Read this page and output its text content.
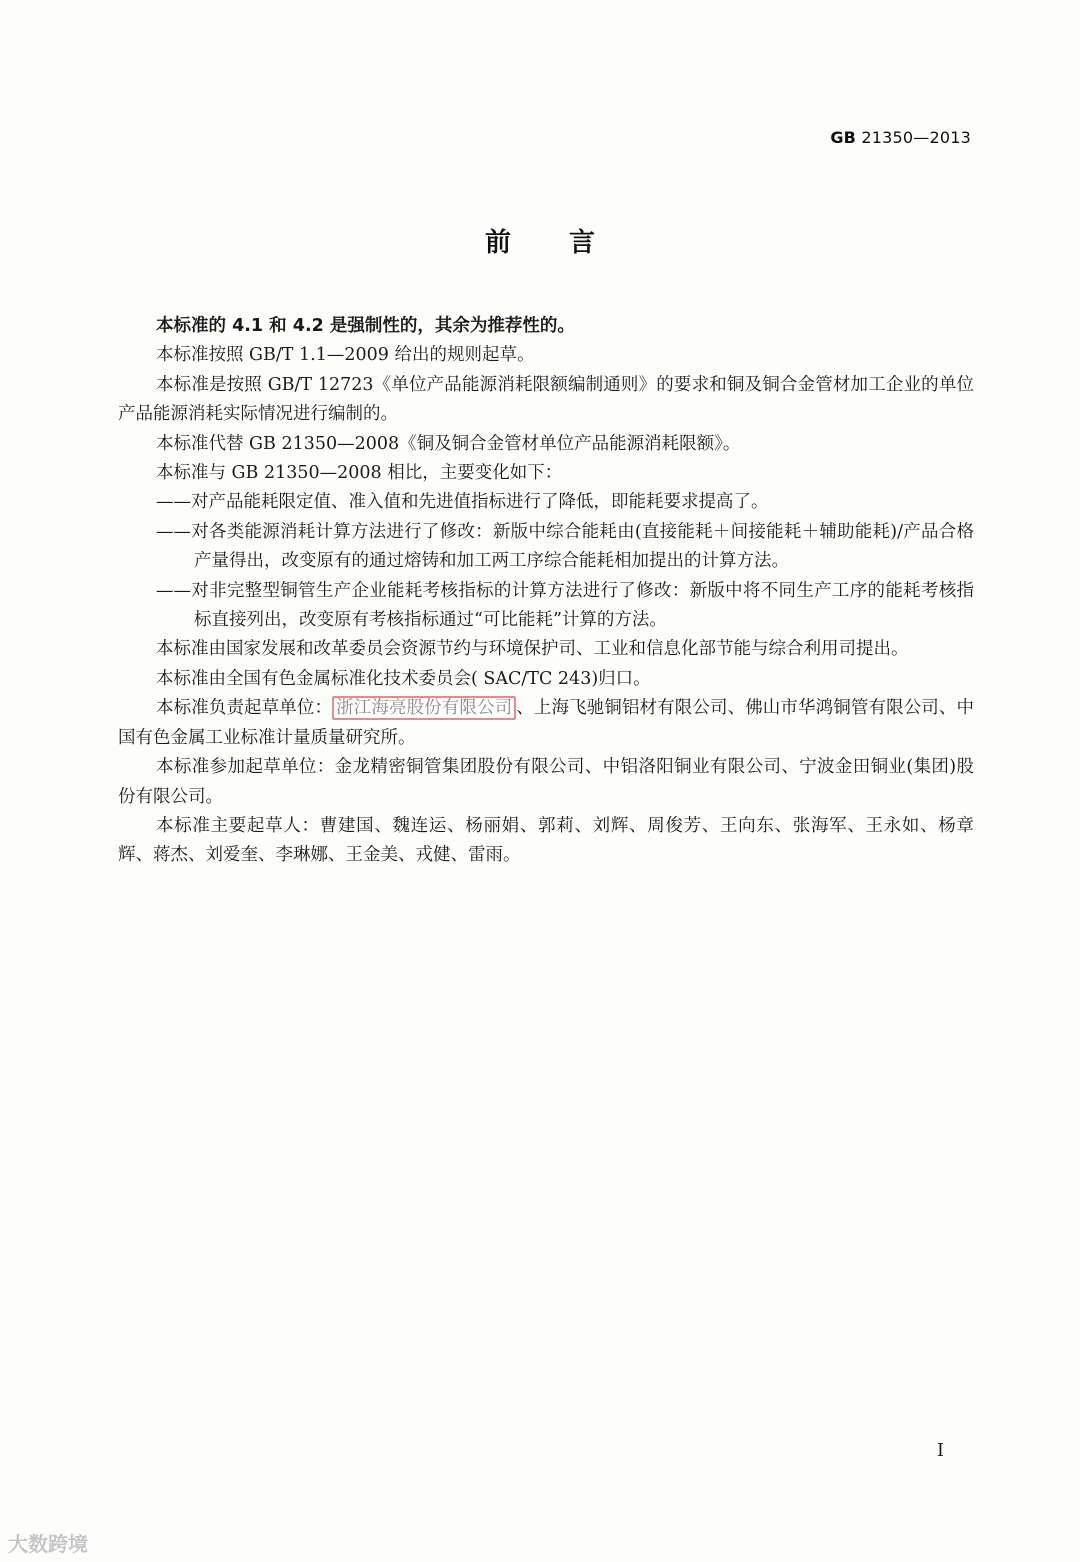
GB 21350—2013
前言

本标准的 4.1 和 4.2 是强制性的，其余为推荐性的。

本标准按照 GB/T 1.1—2009 给出的规则起草。

本标准是按照 GB/T 12723《单位产品能源消耗限额编制通则》的要求和铜及铜合金管材加工企业的单位产品能源消耗实际情况进行编制的。

本标准代替 GB 21350—2008《铜及铜合金管材单位产品能源消耗限额》。

本标准与 GB 21350—2008 相比，主要变化如下：

——对产品能耗限定值、准入值和先进值指标进行了降低，即能耗要求提高了。

——对各类能源消耗计算方法进行了修改：新版中综合能耗由(直接能耗＋间接能耗＋辅助能耗)/产品合格产量得出，改变原有的通过熔铸和加工两工序综合能耗相加提出的计算方法。

——对非完整型铜管生产企业能耗考核指标的计算方法进行了修改：新版中将不同生产工序的能耗考核指标直接列出，改变原有考核指标通过“可比能耗”计算的方法。

本标准由国家发展和改革委员会资源节约与环境保护司、工业和信息化部节能与综合利用司提出。

本标准由全国有色金属标准化技术委员会( SAC/TC 243)归口。

本标准负责起草单位： 浙江海亮股份有限公司 、上海飞驰铜铝材有限公司、佛山市华鸿铜管有限公司、中国有色金属工业标准计量质量研究所。

本标准参加起草单位：金龙精密铜管集团股份有限公司、中铝洛阳铜业有限公司、宁波金田铜业(集团)股份有限公司。

本标准主要起草人：曹建国、魏连运、杨丽娟、郭莉、刘辉、周俊芳、王向东、张海军、王永如、杨章辉、蒋杰、刘爱奎、李琳娜、王金美、戎健、雷雨。

I
大数跨境
